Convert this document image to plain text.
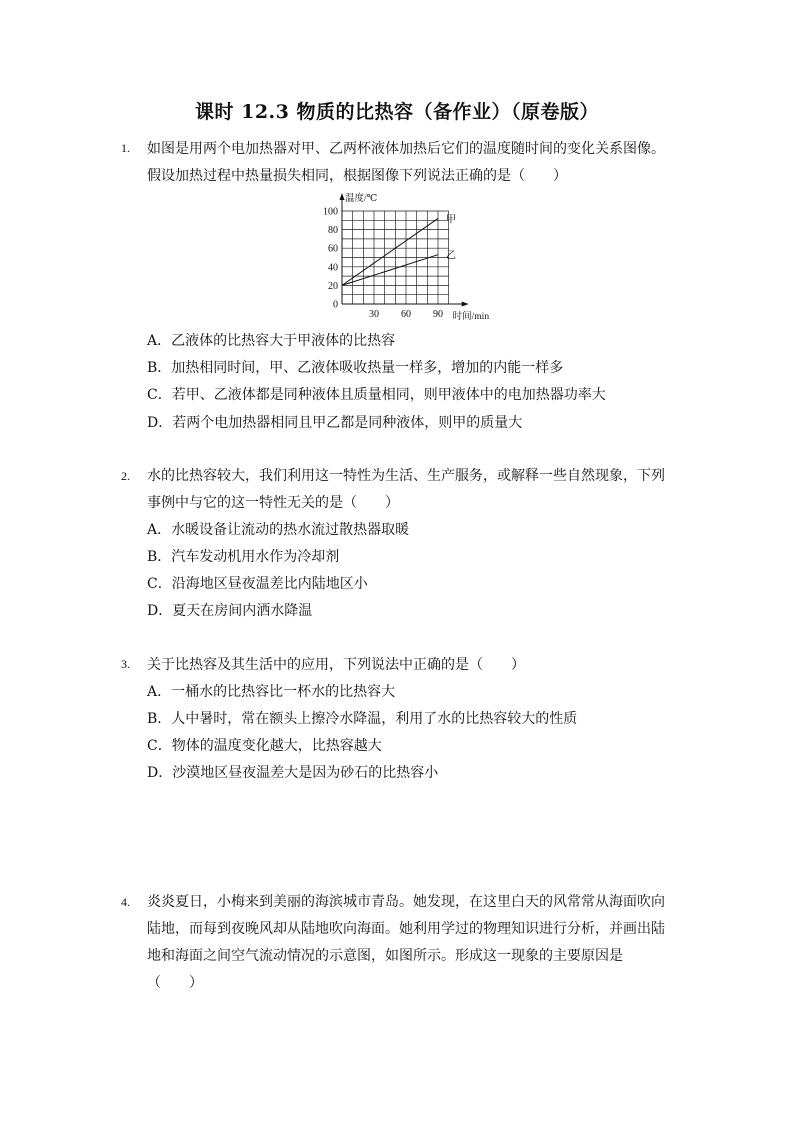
课时 12.3 物质的比热容（备作业）（原卷版）
1. 如图是用两个电加热器对甲、乙两杯液体加热后它们的温度随时间的变化关系图像。
假设加热过程中热量损失相同，根据图像下列说法正确的是（　　）
甲
乙
20
40
60
80
100
30 60 90
0
温度/℃
时间/min
A．乙液体的比热容大于甲液体的比热容
B．加热相同时间，甲、乙液体吸收热量一样多，增加的内能一样多
C．若甲、乙液体都是同种液体且质量相同，则甲液体中的电加热器功率大
D．若两个电加热器相同且甲乙都是同种液体，则甲的质量大
2. 水的比热容较大，我们利用这一特性为生活、生产服务，或解释一些自然现象，下列
事例中与它的这一特性无关的是（　　）
A．水暖设备让流动的热水流过散热器取暖
B．汽车发动机用水作为冷却剂
C．沿海地区昼夜温差比内陆地区小
D．夏天在房间内洒水降温
3. 关于比热容及其生活中的应用，下列说法中正确的是（　　）
A．一桶水的比热容比一杯水的比热容大
B．人中暑时，常在额头上擦冷水降温，利用了水的比热容较大的性质
C．物体的温度变化越大，比热容越大
D．沙漠地区昼夜温差大是因为砂石的比热容小
4. 炎炎夏日，小梅来到美丽的海滨城市青岛。她发现，在这里白天的风常常从海面吹向
陆地，而每到夜晚风却从陆地吹向海面。她利用学过的物理知识进行分析，并画出陆
地和海面之间空气流动情况的示意图，如图所示。形成这一现象的主要原因是
（　　）
